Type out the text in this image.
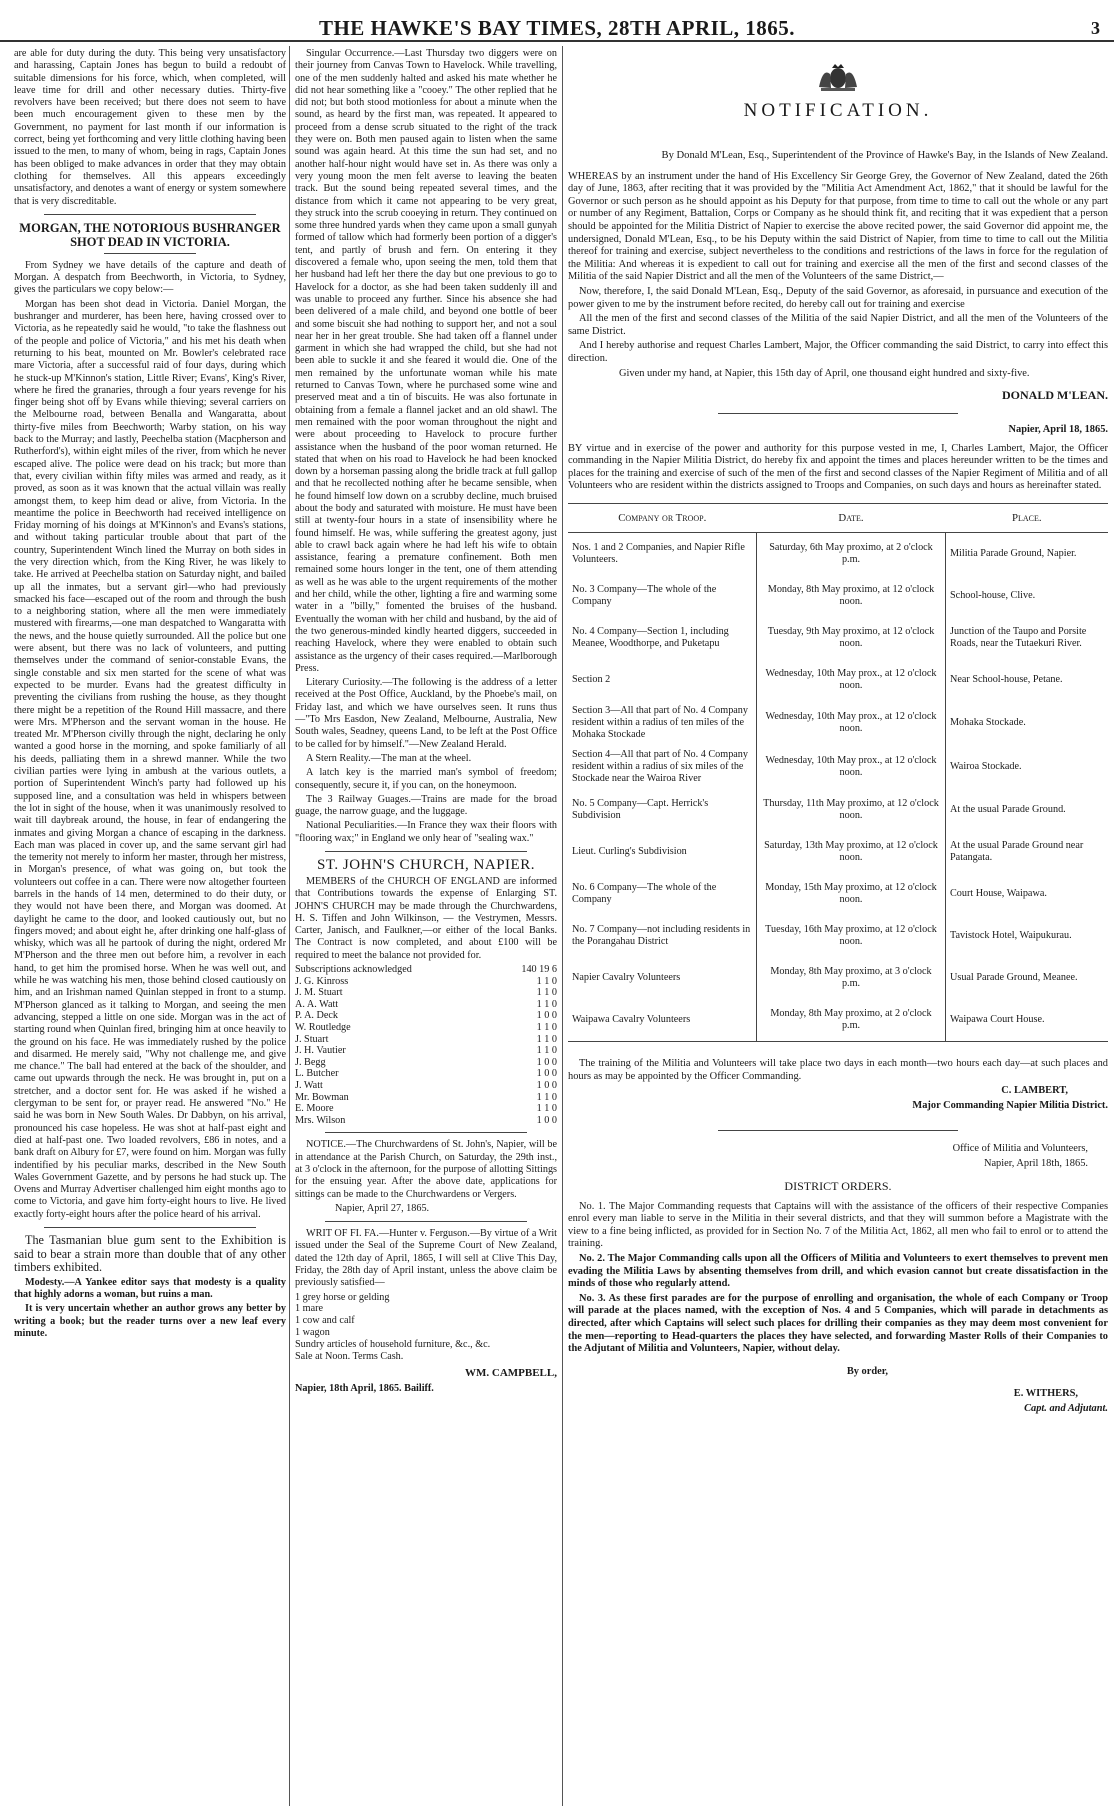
THE HAWKE'S BAY TIMES, 28TH APRIL, 1865.	3

are able for duty during the duty. This being very unsatisfactory and harassing, Captain Jones has begun to build a redoubt of suitable dimensions for his force, which, when completed, will leave time for drill and other necessary duties. Thirty-five revolvers have been received; but there does not seem to have been much encouragement given to these men by the Government, no payment for last month if our information is correct, being yet forthcoming and very little clothing having been issued to the men, to many of whom, being in rags, Captain Jones has been obliged to make advances in order that they may obtain clothing for themselves. All this appears exceedingly unsatisfactory, and denotes a want of energy or system somewhere that is very discreditable.

MORGAN, THE NOTORIOUS BUSHRANGER SHOT DEAD IN VICTORIA.

From Sydney we have details of the capture and death of Morgan. A despatch from Beechworth, in Victoria, to Sydney, gives the particulars we copy below:—

Morgan has been shot dead in Victoria. Daniel Morgan, the bushranger and murderer, has been here, having crossed over to Victoria, as he repeatedly said he would, "to take the flashness out of the people and police of Victoria," and his met his death when returning to his beat, mounted on Mr. Bowler's celebrated race mare Victoria, after a successful raid of four days, during which he stuck-up M'Kinnon's station, Little River; Evans', King's River, where he fired the granaries, through a four years revenge for his finger being shot off by Evans while thieving; several carriers on the Melbourne road, between Benalla and Wangaratta, about thirty-five miles from Beechworth; Warby station, on his way back to the Murray; and lastly, Peechelba station (Macpherson and Rutherford's), within eight miles of the river, from which he never escaped alive. The police were dead on his track; but more than that, every civilian within fifty miles was armed and ready, as it proved, as soon as it was known that the actual villain was really amongst them, to keep him dead or alive, from Victoria. In the meantime the police in Beechworth had received intelligence on Friday morning of his doings at M'Kinnon's and Evans's stations, and without taking particular trouble about that part of the country, Superintendent Winch lined the Murray on both sides in the very direction which, from the King River, he was likely to take. He arrived at Peechelba station on Saturday night, and bailed up all the inmates, but a servant girl—who had previously smacked his face—escaped out of the room and through the bush to a neighboring station, where all the men were immediately mustered with firearms,—one man despatched to Wangaratta with the news, and the house quietly surrounded. All the police but one were absent, but there was no lack of volunteers, and putting themselves under the command of senior-constable Evans, the single constable and six men started for the scene of what was expected to be murder. Evans had the greatest difficulty in preventing the civilians from rushing the house, as they thought there might be a repetition of the Round Hill massacre, and there were Mrs. M'Pherson and the servant woman in the house. He treated Mr. M'Pherson civilly through the night, declaring he only wanted a good horse in the morning, and spoke familiarly of all his deeds, palliating them in a shrewd manner. While the two civilian parties were lying in ambush at the various outlets, a portion of Superintendent Winch's party had followed up his supposed line, and a consultation was held in whispers between the lot in sight of the house, when it was unanimously resolved to wait till daybreak around, the house, in fear of endangering the inmates and giving Morgan a chance of escaping in the darkness. Each man was placed in cover up, and the same servant girl had the temerity not merely to inform her master, through her mistress, in Morgan's presence, of what was going on, but took the volunteers out coffee in a can. There were now altogether fourteen barrels in the hands of 14 men, determined to do their duty, or they would not have been there, and Morgan was doomed. At daylight he came to the door, and looked cautiously out, but no fingers moved; and about eight he, after drinking one half-glass of whisky, which was all he partook of during the night, ordered Mr M'Pherson and the three men out before him, a revolver in each hand, to get him the promised horse. When he was well out, and while he was watching his men, those behind closed cautiously on him, and an Irishman named Quinlan stepped in front to a stump. M'Pherson glanced as it talking to Morgan, and seeing the men advancing, stepped a little on one side. Morgan was in the act of starting round when Quinlan fired, bringing him at once heavily to the ground on his face. He was immediately rushed by the police and disarmed. He merely said, "Why not challenge me, and give me chance." The ball had entered at the back of the shoulder, and came out upwards through the neck. He was brought in, put on a stretcher, and a doctor sent for. He was asked if he wished a clergyman to be sent for, or prayer read. He answered "No." He said he was born in New South Wales. Dr Dabbyn, on his arrival, pronounced his case hopeless. He was shot at half-past eight and died at half-past one. Two loaded revolvers, £86 in notes, and a bank draft on Albury for £7, were found on him. Morgan was fully indentified by his peculiar marks, described in the New South Wales Government Gazette, and by persons he had stuck up. The Ovens and Murray Advertiser challenged him eight months ago to come to Victoria, and gave him forty-eight hours to live. He lived exactly forty-eight hours after the police heard of his arrival.

The Tasmanian blue gum sent to the Exhibition is said to bear a strain more than double that of any other timbers exhibited.

Modesty.—A Yankee editor says that modesty is a quality that highly adorns a woman, but ruins a man.

It is very uncertain whether an author grows any better by writing a book; but the reader turns over a new leaf every minute.

Singular Occurrence.—Last Thursday two diggers were on their journey from Canvas Town to Havelock. While travelling, one of the men suddenly halted and asked his mate whether he did not hear something like a "cooey." The other replied that he did not; but both stood motionless for about a minute when the sound, as heard by the first man, was repeated. It appeared to proceed from a dense scrub situated to the right of the track they were on. Both men paused again to listen when the same sound was again heard. At this time the sun had set, and no another half-hour night would have set in. As there was only a very young moon the men felt averse to leaving the beaten track. But the sound being repeated several times, and the distance from which it came not appearing to be very great, they struck into the scrub cooeying in return. They continued on some three hundred yards when they came upon a small gunyah formed of tallow which had formerly been portion of a digger's tent, and partly of brush and fern. On entering it they discovered a female who, upon seeing the men, told them that her husband had left her there the day but one previous to go to Havelock for a doctor, as she had been taken suddenly ill and was unable to proceed any further. Since his absence she had been delivered of a male child, and beyond one bottle of beer and some biscuit she had nothing to support her, and not a soul near her in her great trouble. She had taken off a flannel under garment in which she had wrapped the child, but she had not been able to suckle it and she feared it would die. One of the men remained by the unfortunate woman while his mate returned to Canvas Town, where he purchased some wine and preserved meat and a tin of biscuits. He was also fortunate in obtaining from a female a flannel jacket and an old shawl. The men remained with the poor woman throughout the night and were about proceeding to Havelock to procure further assistance when the husband of the poor woman returned. He stated that when on his road to Havelock he had been knocked down by a horseman passing along the bridle track at full gallop and that he recollected nothing after he became sensible, when he found himself low down on a scrubby decline, much bruised about the body and saturated with moisture. He must have been still at twenty-four hours in a state of insensibility where he found himself. He was, while suffering the greatest agony, just able to crawl back again where he had left his wife to obtain assistance, fearing a premature confinement. Both men remained some hours longer in the tent, one of them attending as well as he was able to the urgent requirements of the mother and her child, while the other, lighting a fire and warming some water in a "billy," fomented the bruises of the husband. Eventually the woman with her child and husband, by the aid of the two generous-minded kindly hearted diggers, succeeded in reaching Havelock, where they were enabled to obtain such assistance as the urgency of their cases required.—Marlborough Press.

Literary Curiosity.—The following is the address of a letter received at the Post Office, Auckland, by the Phoebe's mail, on Friday last, and which we have ourselves seen. It runs thus—"To Mrs Easdon, New Zealand, Melbourne, Australia, New South wales, Seadney, queens Land, to be left at the Post Office to be called for by himself."—New Zealand Herald.

A Stern Reality.—The man at the wheel.

A latch key is the married man's symbol of freedom; consequently, secure it, if you can, on the honeymoon.

The 3 Railway Guages.—Trains are made for the broad guage, the narrow guage, and the luggage.

National Peculiarities.—In France they wax their floors with "flooring wax;" in England we only hear of "sealing wax."

ST. JOHN'S CHURCH, NAPIER.

MEMBERS of the CHURCH OF ENGLAND are informed that Contributions towards the expense of Enlarging ST. JOHN'S CHURCH may be made through the Churchwardens, H. S. Tiffen and John Wilkinson, — the Vestrymen, Messrs. Carter, Janisch, and Faulkner,—or either of the local Banks. The Contract is now completed, and about £100 will be required to meet the balance not provided for.

Subscriptions acknowledged	140 19 6
J. G. Kinross	1 1 0
J. M. Stuart	1 1 0
A. A. Watt	1 1 0
P. A. Deck	1 0 0
W. Routledge	1 1 0
J. Stuart	1 1 0
J. H. Vautier	1 1 0
J. Begg	1 0 0
L. Butcher	1 0 0
J. Watt	1 0 0
Mr. Bowman	1 1 0
E. Moore	1 1 0
Mrs. Wilson	1 0 0

NOTICE.—The Churchwardens of St. John's, Napier, will be in attendance at the Parish Church, on Saturday, the 29th inst., at 3 o'clock in the afternoon, for the purpose of allotting Sittings for the ensuing year. After the above date, applications for sittings can be made to the Churchwardens or Vergers.

Napier, April 27, 1865.

WRIT OF FI. FA.—Hunter v. Ferguson.—By virtue of a Writ issued under the Seal of the Supreme Court of New Zealand, dated the 12th day of April, 1865, I will sell at Clive This Day, Friday, the 28th day of April instant, unless the above claim be previously satisfied—

1 grey horse or gelding
1 mare
1 cow and calf
1 wagon
Sundry articles of household furniture, &c., &c.

Sale at Noon. Terms Cash.

WM. CAMPBELL,

Napier, 18th April, 1865. Bailiff.

NOTIFICATION.

By Donald M'Lean, Esq., Superintendent of the Province of Hawke's Bay, in the Islands of New Zealand.

WHEREAS by an instrument under the hand of His Excellency Sir George Grey, the Governor of New Zealand, dated the 26th day of June, 1863, after reciting that it was provided by the "Militia Act Amendment Act, 1862," that it should be lawful for the Governor or such person as he should appoint as his Deputy for that purpose, from time to time to call out the whole or any part or number of any Regiment, Battalion, Corps or Company as he should think fit, and reciting that it was expedient that a person should be appointed for the Militia District of Napier to exercise the above recited power, the said Governor did appoint me, the undersigned, Donald M'Lean, Esq., to be his Deputy within the said District of Napier, from time to time to call out the Militia thereof for training and exercise, subject nevertheless to the conditions and restrictions of the laws in force for the regulation of the Militia: And whereas it is expedient to call out for training and exercise all the men of the first and second classes of the Militia of the said Napier District and all the men of the Volunteers of the same District,—

Now, therefore, I, the said Donald M'Lean, Esq., Deputy of the said Governor, as aforesaid, in pursuance and execution of the power given to me by the instrument before recited, do hereby call out for training and exercise

All the men of the first and second classes of the Militia of the said Napier District, and all the men of the Volunteers of the same District.

And I hereby authorise and request Charles Lambert, Major, the Officer commanding the said District, to carry into effect this direction.

Given under my hand, at Napier, this 15th day of April, one thousand eight hundred and sixty-five.

DONALD M'LEAN.

Napier, April 18, 1865.

BY virtue and in exercise of the power and authority for this purpose vested in me, I, Charles Lambert, Major, the Officer commanding in the Napier Militia District, do hereby fix and appoint the times and places hereunder written to be the times and places for the training and exercise of such of the men of the first and second classes of the Napier Regiment of Militia and of all Volunteers who are resident within the districts assigned to Troops and Companies, on such days and hours as hereinafter stated.

Company or Troop.	Date.	Place.
Nos. 1 and 2 Companies, and Napier Rifle Volunteers.	Saturday, 6th May proximo, at 2 o'clock p.m.	Militia Parade Ground, Napier.
No. 3 Company—The whole of the Company	Monday, 8th May proximo, at 12 o'clock noon.	School-house, Clive.
No. 4 Company—Section 1, including Meanee, Woodthorpe, and Puketapu	Tuesday, 9th May proximo, at 12 o'clock noon.	Junction of the Taupo and Porsite Roads, near the Tutaekuri River.
Section 2	Wednesday, 10th May prox., at 12 o'clock noon.	Near School-house, Petane.
Section 3—All that part of No. 4 Company resident within a radius of ten miles of the Mohaka Stockade	Wednesday, 10th May prox., at 12 o'clock noon.	Mohaka Stockade.
Section 4—All that part of No. 4 Company resident within a radius of six miles of the Stockade near the Wairoa River	Wednesday, 10th May prox., at 12 o'clock noon.	Wairoa Stockade.
No. 5 Company—Capt. Herrick's Subdivision	Thursday, 11th May proximo, at 12 o'clock noon.	At the usual Parade Ground.
Lieut. Curling's Subdivision	Saturday, 13th May proximo, at 12 o'clock noon.	At the usual Parade Ground near Patangata.
No. 6 Company—The whole of the Company	Monday, 15th May proximo, at 12 o'clock noon.	Court House, Waipawa.
No. 7 Company—not including residents in the Porangahau District	Tuesday, 16th May proximo, at 12 o'clock noon.	Tavistock Hotel, Waipukurau.
Napier Cavalry Volunteers	Monday, 8th May proximo, at 3 o'clock p.m.	Usual Parade Ground, Meanee.
Waipawa Cavalry Volunteers	Monday, 8th May proximo, at 2 o'clock p.m.	Waipawa Court House.

The training of the Militia and Volunteers will take place two days in each month—two hours each day—at such places and hours as may be appointed by the Officer Commanding.

C. LAMBERT,

Major Commanding Napier Militia District.

Office of Militia and Volunteers,

Napier, April 18th, 1865.

DISTRICT ORDERS.

No. 1. The Major Commanding requests that Captains will with the assistance of the officers of their respective Companies enrol every man liable to serve in the Militia in their several districts, and that they will summon before a Magistrate with the view to a fine being inflicted, as provided for in Section No. 7 of the Militia Act, 1862, all men who fail to enrol or to attend the training.

No. 2. The Major Commanding calls upon all the Officers of Militia and Volunteers to exert themselves to prevent men evading the Militia Laws by absenting themselves from drill, and which evasion cannot but create dissatisfaction in the minds of those who regularly attend.

No. 3. As these first parades are for the purpose of enrolling and organisation, the whole of each Company or Troop will parade at the places named, with the exception of Nos. 4 and 5 Companies, which will parade in detachments as directed, after which Captains will select such places for drilling their companies as they may deem most convenient for the men—reporting to Head-quarters the places they have selected, and forwarding Master Rolls of their Companies to the Adjutant of Militia and Volunteers, Napier, without delay.

By order,

E. WITHERS,

Capt. and Adjutant.
